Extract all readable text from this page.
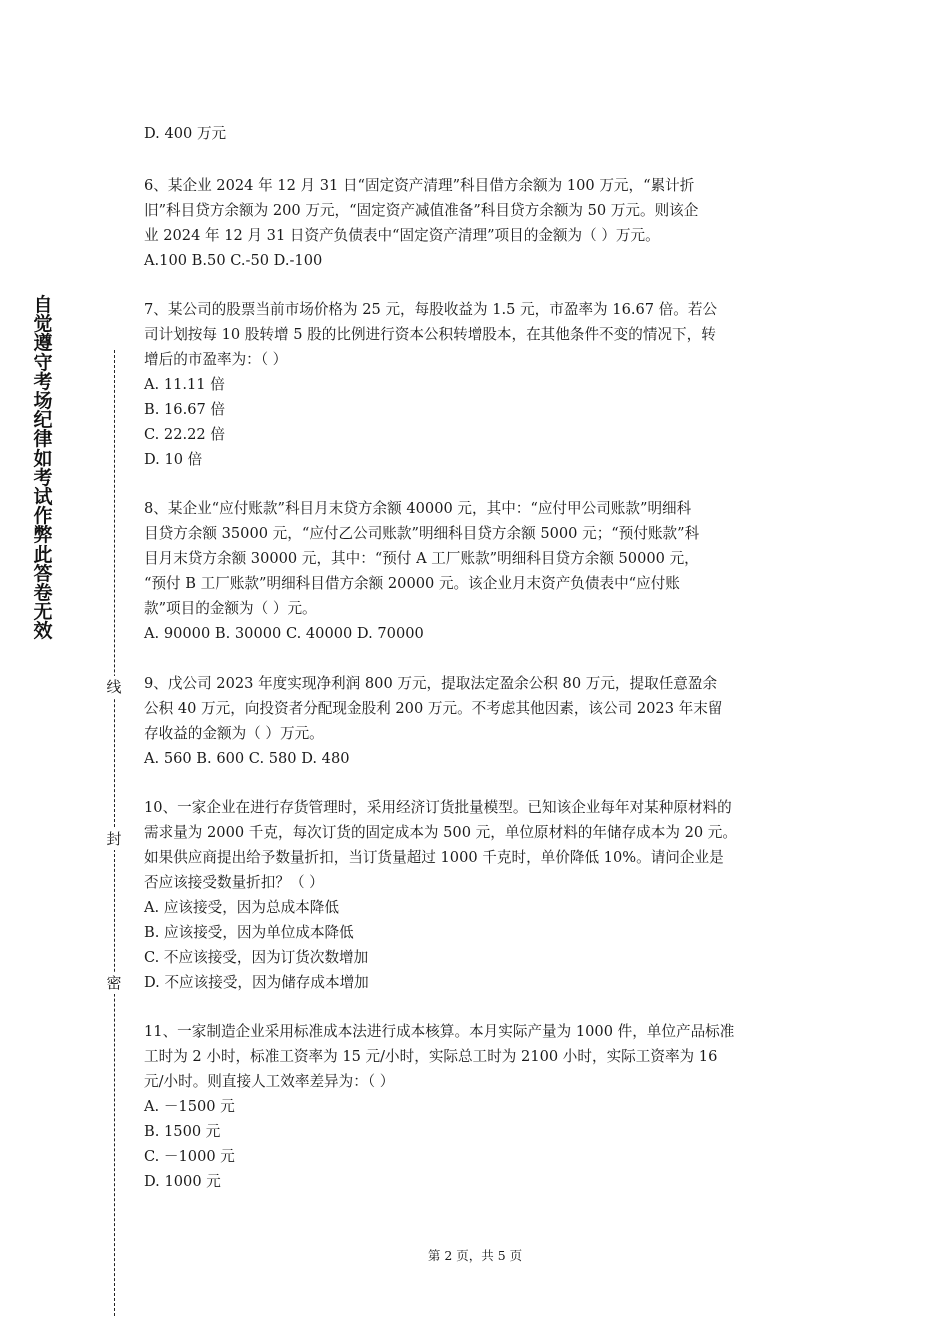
自觉遵守考场纪律如考试作弊此答卷无效
线
封
密
D. 400 万元
6、某企业 2024 年 12 月 31 日“固定资产清理”科目借方余额为 100 万元，“累计折
旧”科目贷方余额为 200 万元，“固定资产减值准备”科目贷方余额为 50 万元。则该企
业 2024 年 12 月 31 日资产负债表中“固定资产清理”项目的金额为（ ）万元。
A.100 B.50 C.-50 D.-100
7、某公司的股票当前市场价格为 25 元，每股收益为 1.5 元，市盈率为 16.67 倍。若公
司计划按每 10 股转增 5 股的比例进行资本公积转增股本，在其他条件不变的情况下，转
增后的市盈率为：（ ）
A. 11.11 倍
B. 16.67 倍
C. 22.22 倍
D. 10 倍
8、某企业“应付账款”科目月末贷方余额 40000 元，其中：“应付甲公司账款”明细科
目贷方余额 35000 元，“应付乙公司账款”明细科目贷方余额 5000 元；“预付账款”科
目月末贷方余额 30000 元，其中：“预付 A 工厂账款”明细科目贷方余额 50000 元，
“预付 B 工厂账款”明细科目借方余额 20000 元。该企业月末资产负债表中“应付账
款”项目的金额为（ ）元。
A. 90000 B. 30000 C. 40000 D. 70000
9、戊公司 2023 年度实现净利润 800 万元，提取法定盈余公积 80 万元，提取任意盈余
公积 40 万元，向投资者分配现金股利 200 万元。不考虑其他因素，该公司 2023 年末留
存收益的金额为（ ）万元。
A. 560 B. 600 C. 580 D. 480
10、一家企业在进行存货管理时，采用经济订货批量模型。已知该企业每年对某种原材料的
需求量为 2000 千克，每次订货的固定成本为 500 元，单位原材料的年储存成本为 20 元。
如果供应商提出给予数量折扣，当订货量超过 1000 千克时，单价降低 10%。请问企业是
否应该接受数量折扣？（ ）
A. 应该接受，因为总成本降低
B. 应该接受，因为单位成本降低
C. 不应该接受，因为订货次数增加
D. 不应该接受，因为储存成本增加
11、一家制造企业采用标准成本法进行成本核算。本月实际产量为 1000 件，单位产品标准
工时为 2 小时，标准工资率为 15 元/小时，实际总工时为 2100 小时，实际工资率为 16
元/小时。则直接人工效率差异为：（ ）
A. －1500 元
B. 1500 元
C. －1000 元
D. 1000 元
第 2 页，共 5 页
